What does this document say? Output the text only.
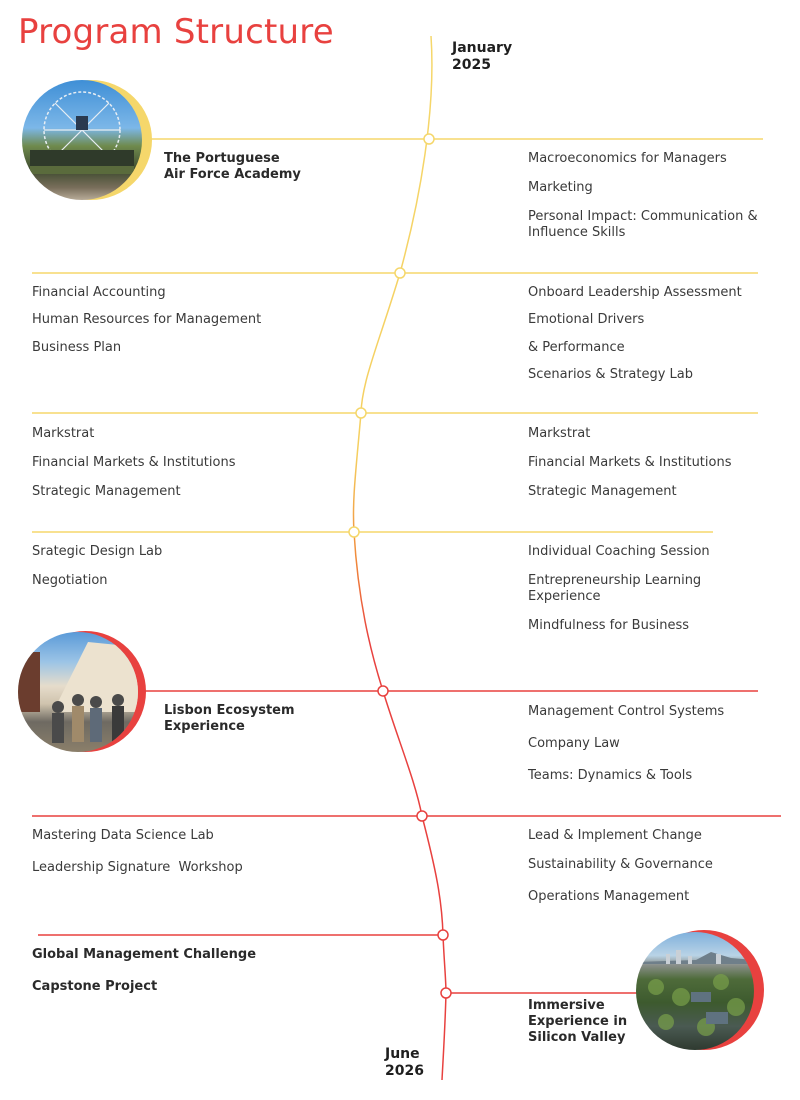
Program Structure	January
2025
June
2026
The Portuguese
Air Force Academy
Macroeconomics for Managers
Marketing
Personal Impact: Communication & Influence Skills
Financial Accounting
Human Resources for Management
Business Plan
Onboard Leadership Assessment
Emotional Drivers
& Performance
Scenarios & Strategy Lab
Markstrat
Financial Markets & Institutions
Strategic Management
Markstrat
Financial Markets & Institutions
Strategic Management
Srategic Design Lab
Negotiation
Individual Coaching Session
Entrepreneurship Learning Experience
Mindfulness for Business
Lisbon Ecosystem
Experience
Management Control Systems
Company Law
Teams: Dynamics & Tools
Mastering Data Science Lab
Leadership Signature  Workshop
Lead & Implement Change
Sustainability & Governance
Operations Management
Global Management Challenge
Capstone Project
Immersive
Experience in
Silicon Valley
